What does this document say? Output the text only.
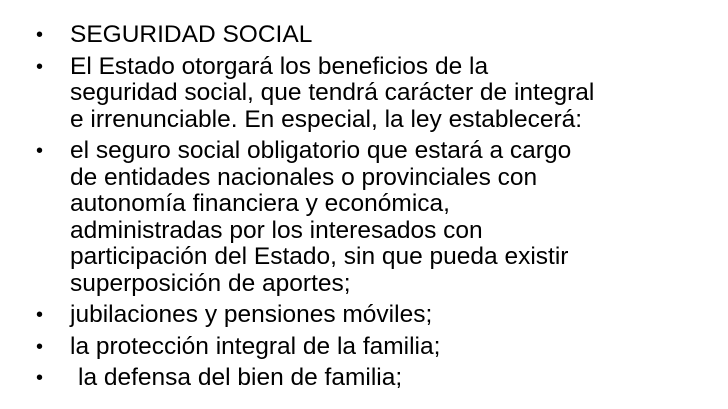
• SEGURIDAD SOCIAL
• El Estado otorgará los beneficios de la
seguridad social, que tendrá carácter de integral
e irrenunciable. En especial, la ley establecerá:
• el seguro social obligatorio que estará a cargo
de entidades nacionales o provinciales con
autonomía financiera y económica,
administradas por los interesados con
participación del Estado, sin que pueda existir
superposición de aportes;
• jubilaciones y pensiones móviles;
• la protección integral de la familia;
•	la defensa del bien de familia;
